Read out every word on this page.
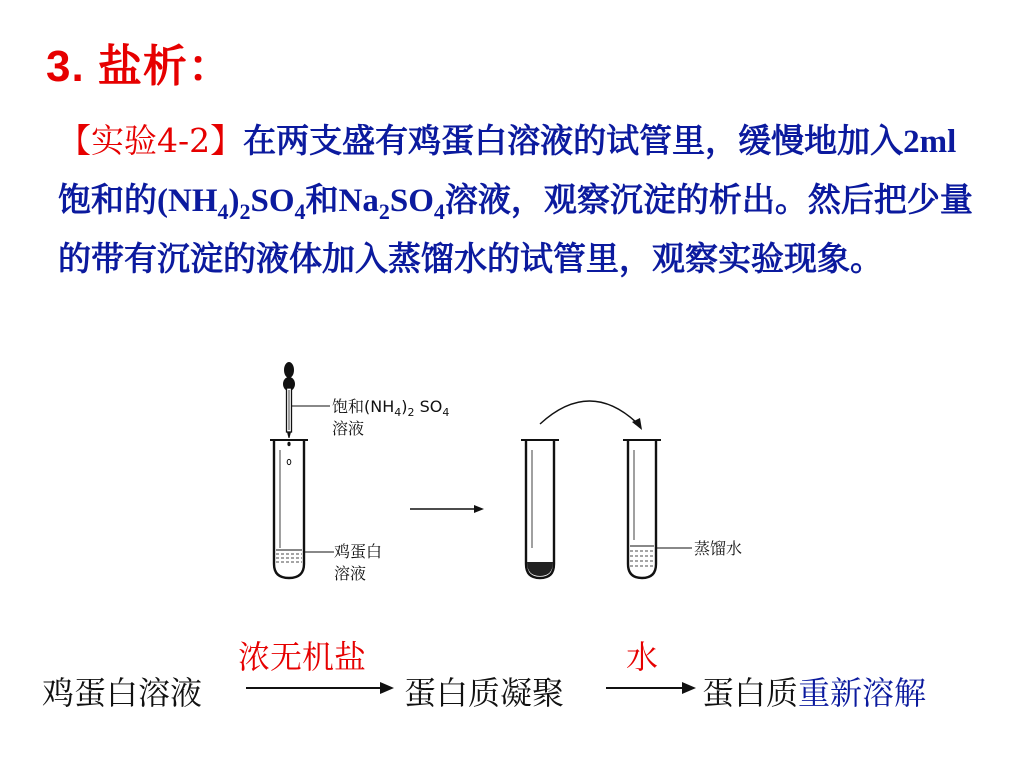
3. 盐析：
【实验4-2】在两支盛有鸡蛋白溶液的试管里，缓慢地加入2ml饱和的$(NH_4)_2SO_4$和$Na_2SO_4$溶液，观察沉淀的析出。然后把少量的带有沉淀的液体加入蒸馏水的试管里，观察实验现象。
饱和$(NH_4)_2$ $SO_4$
溶液
鸡蛋白
溶液
蒸馏水
鸡蛋白溶液
浓无机盐
蛋白质凝聚
水
蛋白质重新溶解
